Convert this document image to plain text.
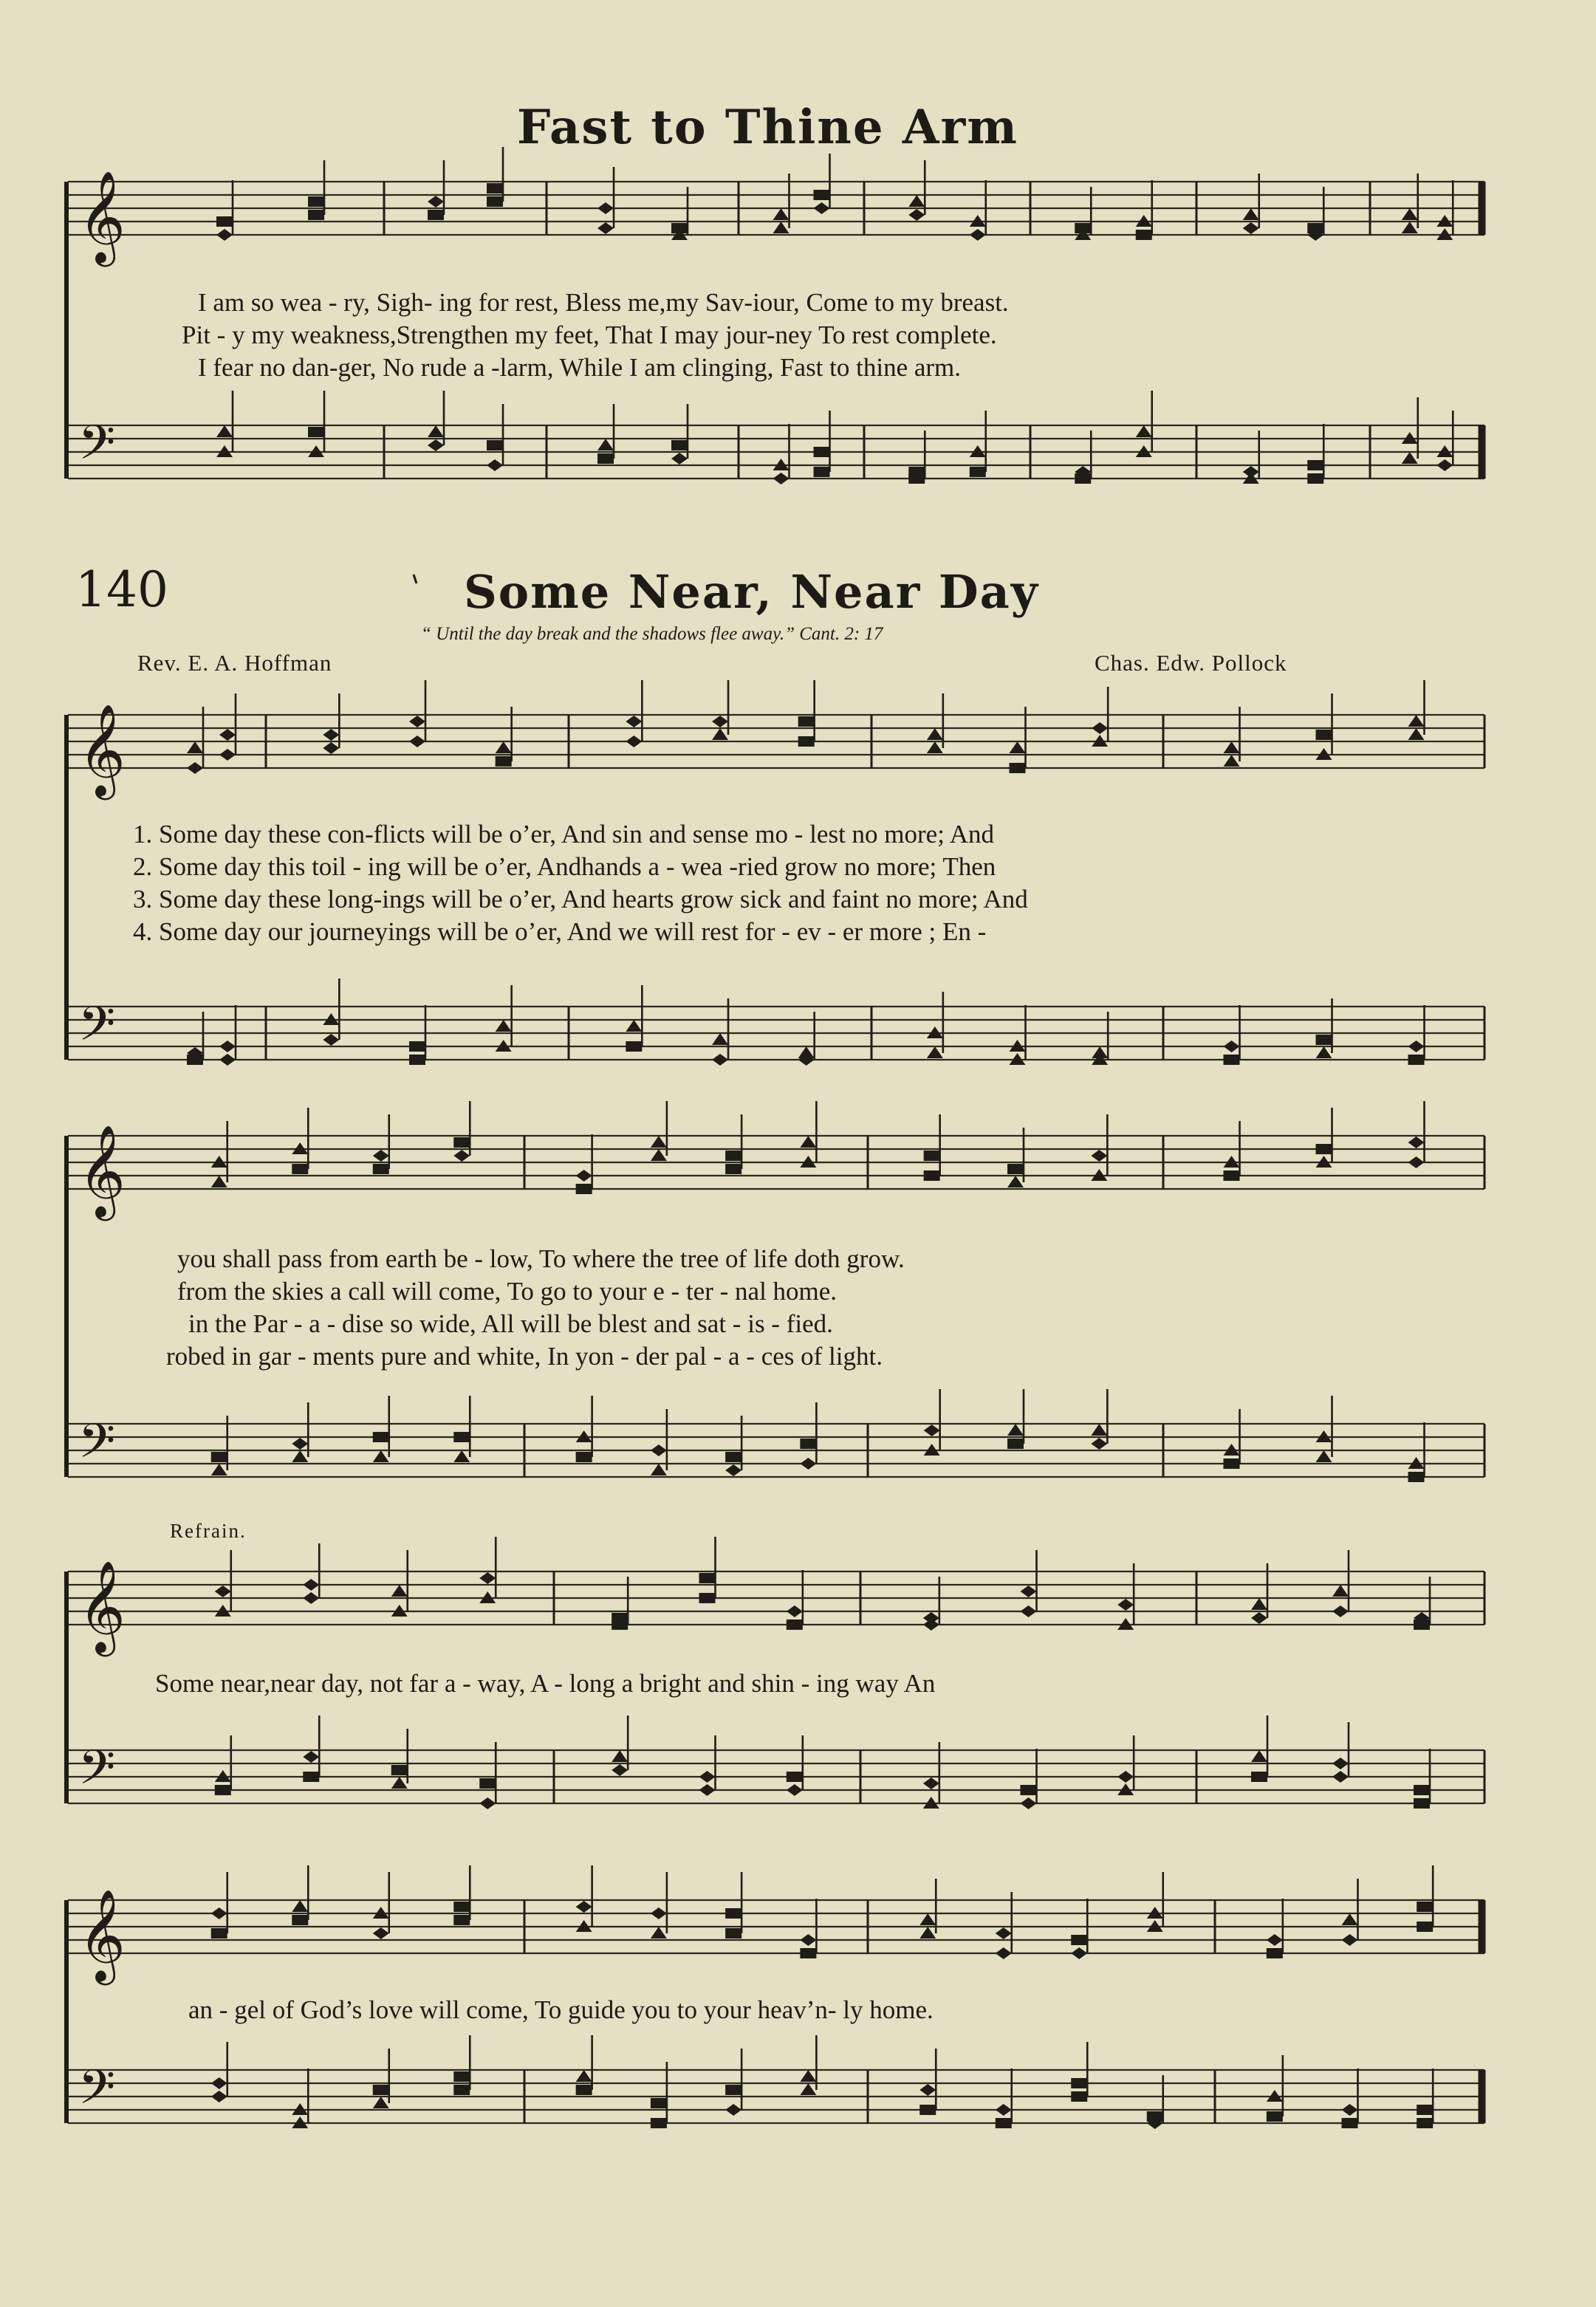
𝄞
𝄢
𝄞
𝄢
𝄞
𝄢
𝄞
𝄢
𝄞
𝄢
Fast to Thine Arm
I am so wea - ry, Sigh- ing for rest, Bless me,my Sav-iour, Come to my breast.
Pit - y my weakness,Strengthen my feet, That I may jour-ney To rest complete.
I fear no dan-ger, No rude a -larm, While I am clinging, Fast to thine arm.
140	Some Near, Near Day
“ Until the day break and the shadows flee away.” Cant. 2: 17
Rev. E. A. Hoffman	Chas. Edw. Pollock
1. Some day these con-flicts will be o’er, And sin and sense mo - lest no more; And
2. Some day this toil - ing will be o’er, Andhands a - wea -ried grow no more; Then
3. Some day these long-ings will be o’er, And hearts grow sick and faint no more; And
4. Some day our journeyings will be o’er, And we will rest for - ev - er more ; En -
you shall pass from earth be - low, To where the tree of life doth grow.
from the skies a call will come, To go to your e - ter - nal home.
in the Par - a - dise so wide, All will be blest and sat - is - fied.
robed in gar - ments pure and white, In yon - der pal - a - ces of light.
Refrain.
Some near,near day, not far a - way, A - long a bright and shin - ing way An
an - gel of God’s love will come, To guide you to your heav’n- ly home.
